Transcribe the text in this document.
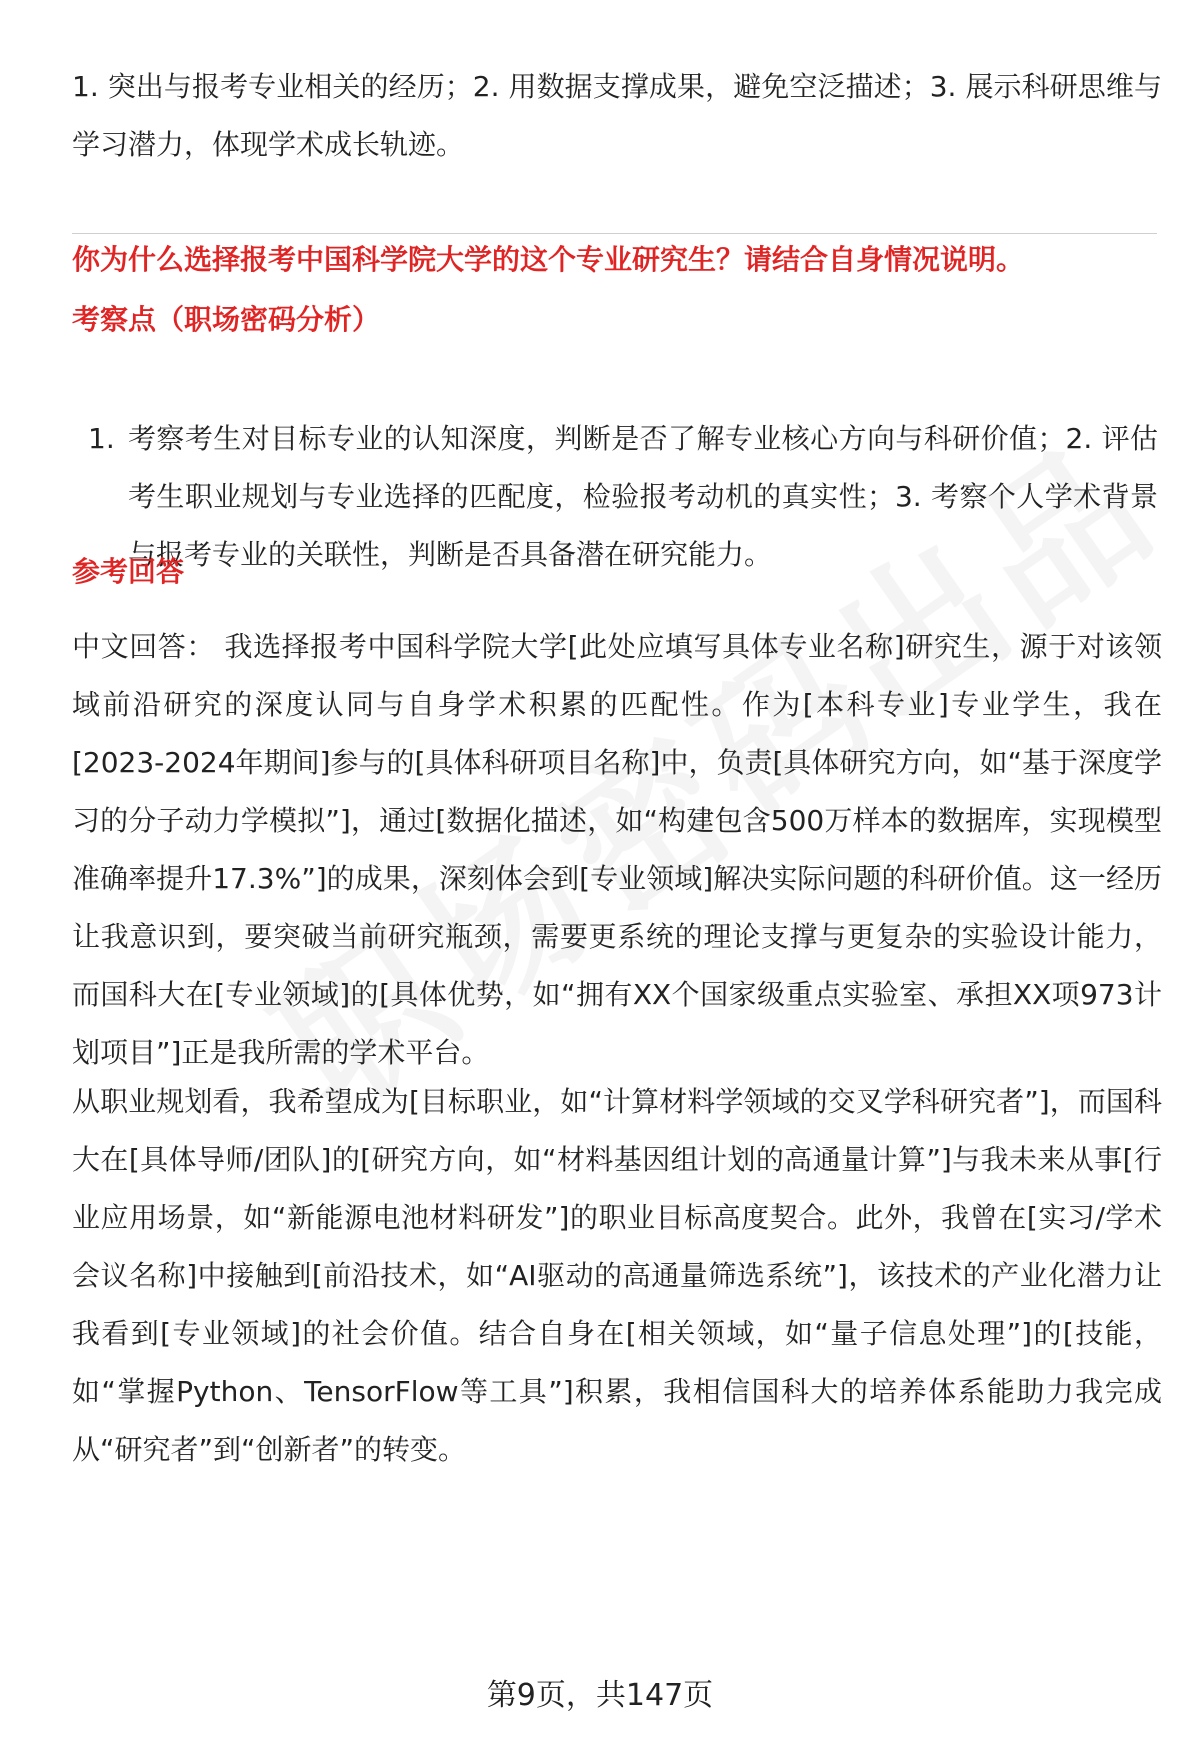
1. 突出与报考专业相关的经历；2. 用数据支撑成果，避免空泛描述；3. 展示科研思维与学习潜力，体现学术成长轨迹。

你为什么选择报考中国科学院大学的这个专业研究生？请结合自身情况说明。

考察点（职场密码分析）

1. 考察考生对目标专业的认知深度，判断是否了解专业核心方向与科研价值；2. 评估考生职业规划与专业选择的匹配度，检验报考动机的真实性；3. 考察个人学术背景与报考专业的关联性，判断是否具备潜在研究能力。

参考回答

中文回答： 我选择报考中国科学院大学[此处应填写具体专业名称]研究生，源于对该领域前沿研究的深度认同与自身学术积累的匹配性。作为[本科专业]专业学生，我在[2023-2024年期间]参与的[具体科研项目名称]中，负责[具体研究方向，如“基于深度学习的分子动力学模拟”]，通过[数据化描述，如“构建包含500万样本的数据库，实现模型准确率提升17.3%”]的成果，深刻体会到[专业领域]解决实际问题的科研价值。这一经历让我意识到，要突破当前研究瓶颈，需要更系统的理论支撑与更复杂的实验设计能力，而国科大在[专业领域]的[具体优势，如“拥有XX个国家级重点实验室、承担XX项973计划项目”]正是我所需的学术平台。

从职业规划看，我希望成为[目标职业，如“计算材料学领域的交叉学科研究者”]，而国科大在[具体导师/团队]的[研究方向，如“材料基因组计划的高通量计算”]与我未来从事[行业应用场景，如“新能源电池材料研发”]的职业目标高度契合。此外，我曾在[实习/学术会议名称]中接触到[前沿技术，如“AI驱动的高通量筛选系统”]，该技术的产业化潜力让我看到[专业领域]的社会价值。结合自身在[相关领域，如“量子信息处理”]的[技能，如“掌握Python、TensorFlow等工具”]积累，我相信国科大的培养体系能助力我完成从“研究者”到“创新者”的转变。

第9页，共147页
